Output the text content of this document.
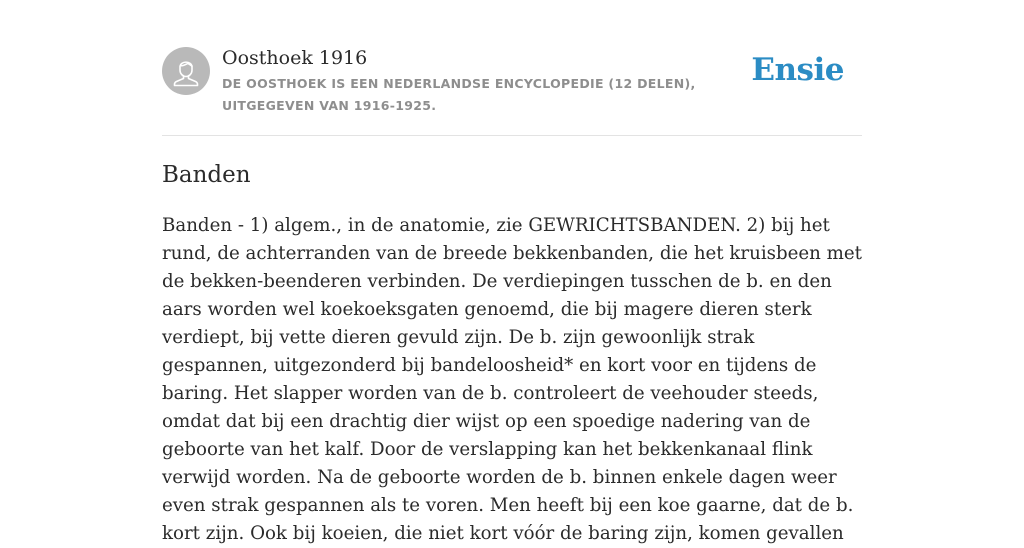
Oosthoek 1916
DE OOSTHOEK IS EEN NEDERLANDSE ENCYCLOPEDIE (12 DELEN), UITGEGEVEN VAN 1916-1925.
Ensie
Banden

Banden - 1) algem., in de anatomie, zie GEWRICHTSBANDEN. 2) bij het rund, de achterranden van de breede bekkenbanden, die het kruisbeen met de bekken-beenderen verbinden. De verdiepingen tusschen de b. en den aars worden wel koekoeksgaten genoemd, die bij magere dieren sterk verdiept, bij vette dieren gevuld zijn. De b. zijn gewoonlijk strak gespannen, uitgezonderd bij bandeloosheid* en kort voor en tijdens de baring. Het slapper worden van de b. controleert de veehouder steeds, omdat dat bij een drachtig dier wijst op een spoedige nadering van de geboorte van het kalf. Door de verslapping kan het bekkenkanaal flink verwijd worden. Na de geboorte worden de b. binnen enkele dagen weer even strak gespannen als te voren. Men heeft bij een koe gaarne, dat de b. kort zijn. Ook bij koeien, die niet kort vóór de baring zijn, komen gevallen
